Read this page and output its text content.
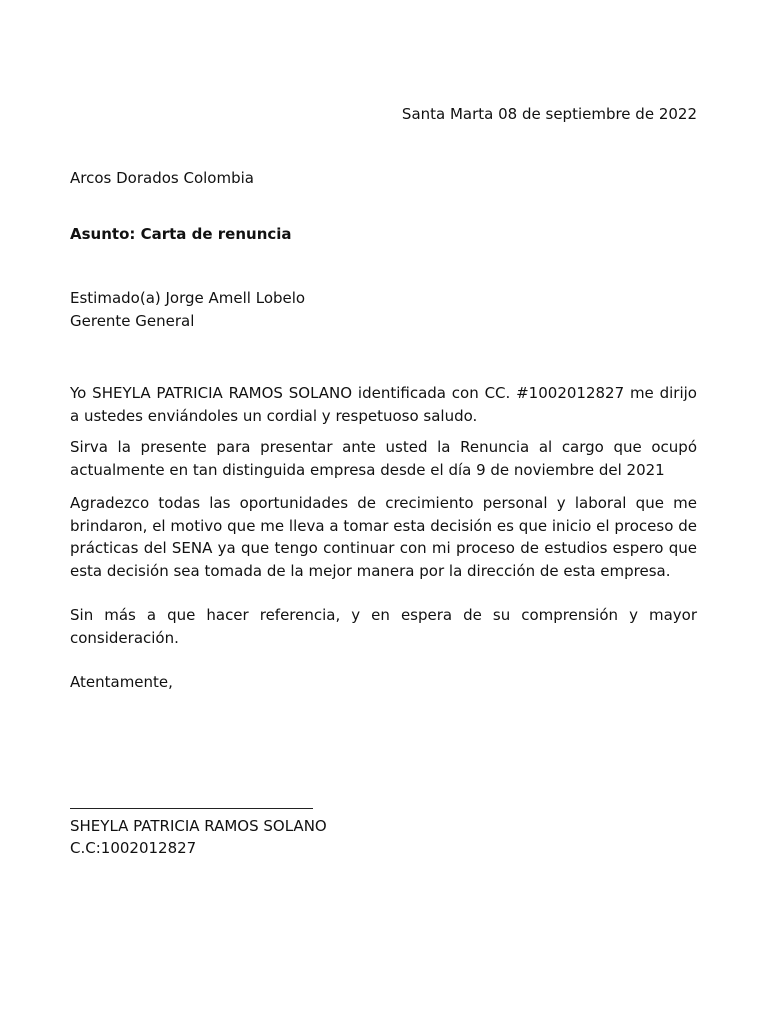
Santa Marta 08 de septiembre de 2022
Arcos Dorados Colombia
Asunto: Carta de renuncia
Estimado(a) Jorge Amell Lobelo
Gerente General

Yo SHEYLA PATRICIA RAMOS SOLANO identificada con CC. #1002012827 me dirijo a ustedes enviándoles un cordial y respetuoso saludo.

Sirva la presente para presentar ante usted la Renuncia al cargo que ocupó actualmente en tan distinguida empresa desde el día 9 de noviembre del 2021

Agradezco todas las oportunidades de crecimiento personal y laboral que me brindaron, el motivo que me lleva a tomar esta decisión es que inicio el proceso de prácticas del SENA ya que tengo continuar con mi proceso de estudios espero que esta decisión sea tomada de la mejor manera por la dirección de esta empresa.

Sin más a que hacer referencia, y en espera de su comprensión y mayor consideración.

Atentamente,
SHEYLA PATRICIA RAMOS SOLANO
C.C:1002012827
